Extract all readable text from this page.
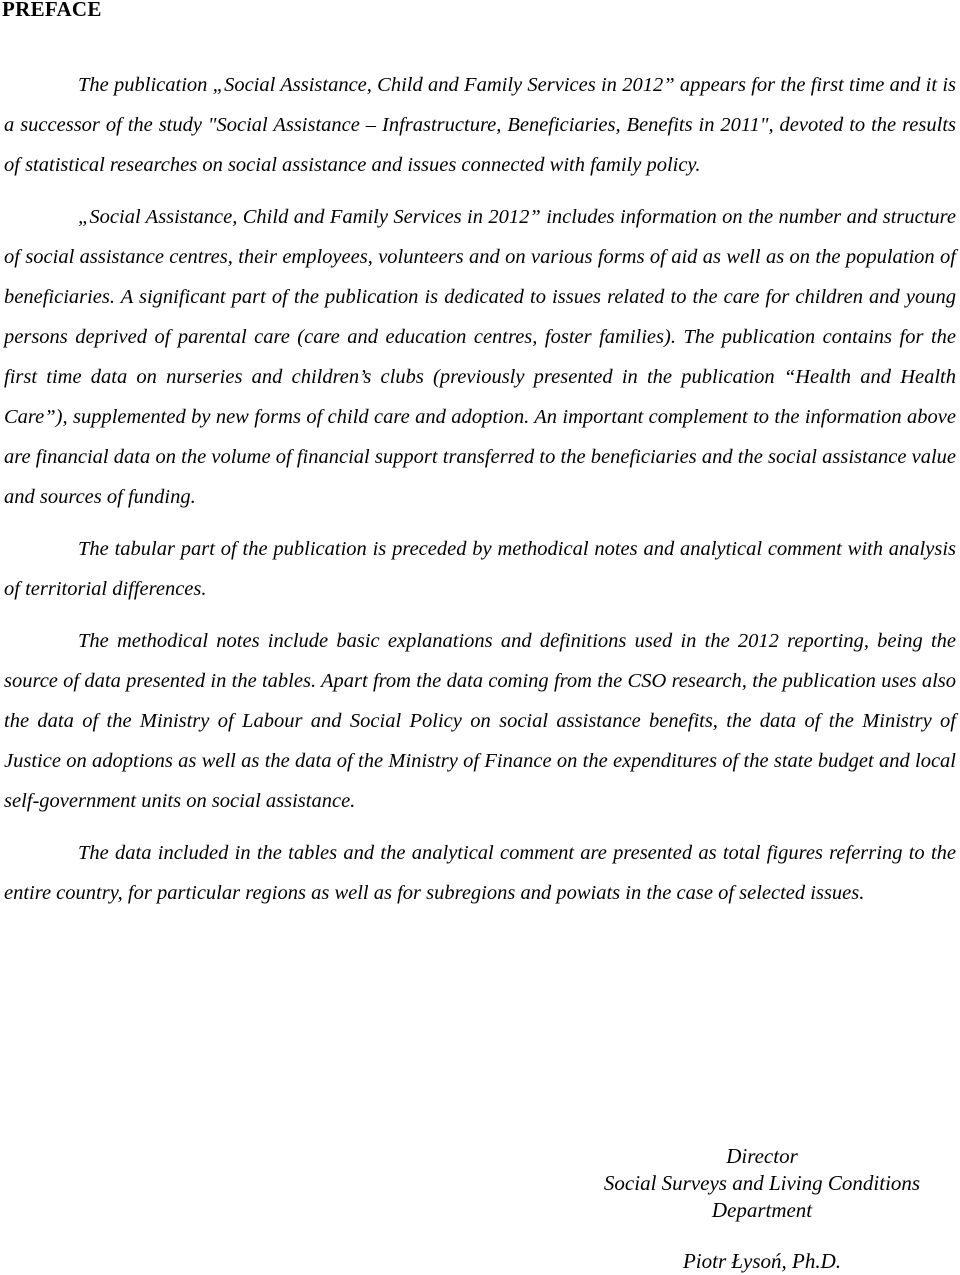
PREFACE

The publication „Social Assistance, Child and Family Services in 2012” appears for the first time and it is a successor of the study "Social Assistance – Infrastructure, Beneficiaries, Benefits in 2011", devoted to the results of statistical researches on social assistance and issues connected with family policy.

„Social Assistance, Child and Family Services in 2012” includes information on the number and structure of social assistance centres, their employees, volunteers and on various forms of aid as well as on the population of beneficiaries. A significant part of the publication is dedicated to issues related to the care for children and young persons deprived of parental care (care and education centres, foster families). The publication contains for the first time data on nurseries and children’s clubs (previously presented in the publication “Health and Health Care”), supplemented by new forms of child care and adoption. An important complement to the information above are financial data on the volume of financial support transferred to the beneficiaries and the social assistance value and sources of funding.

The tabular part of the publication is preceded by methodical notes and analytical comment with analysis of territorial differences.

The methodical notes include basic explanations and definitions used in the 2012 reporting, being the source of data presented in the tables. Apart from the data coming from the CSO research, the publication uses also the data of the Ministry of Labour and Social Policy on social assistance benefits, the data of the Ministry of Justice on adoptions as well as the data of the Ministry of Finance on the expenditures of the state budget and local self-government units on social assistance.

The data included in the tables and the analytical comment are presented as total figures referring to the entire country, for particular regions as well as for subregions and powiats in the case of selected issues.

Director
Social Surveys and Living Conditions
Department
Piotr Łysoń, Ph.D.
